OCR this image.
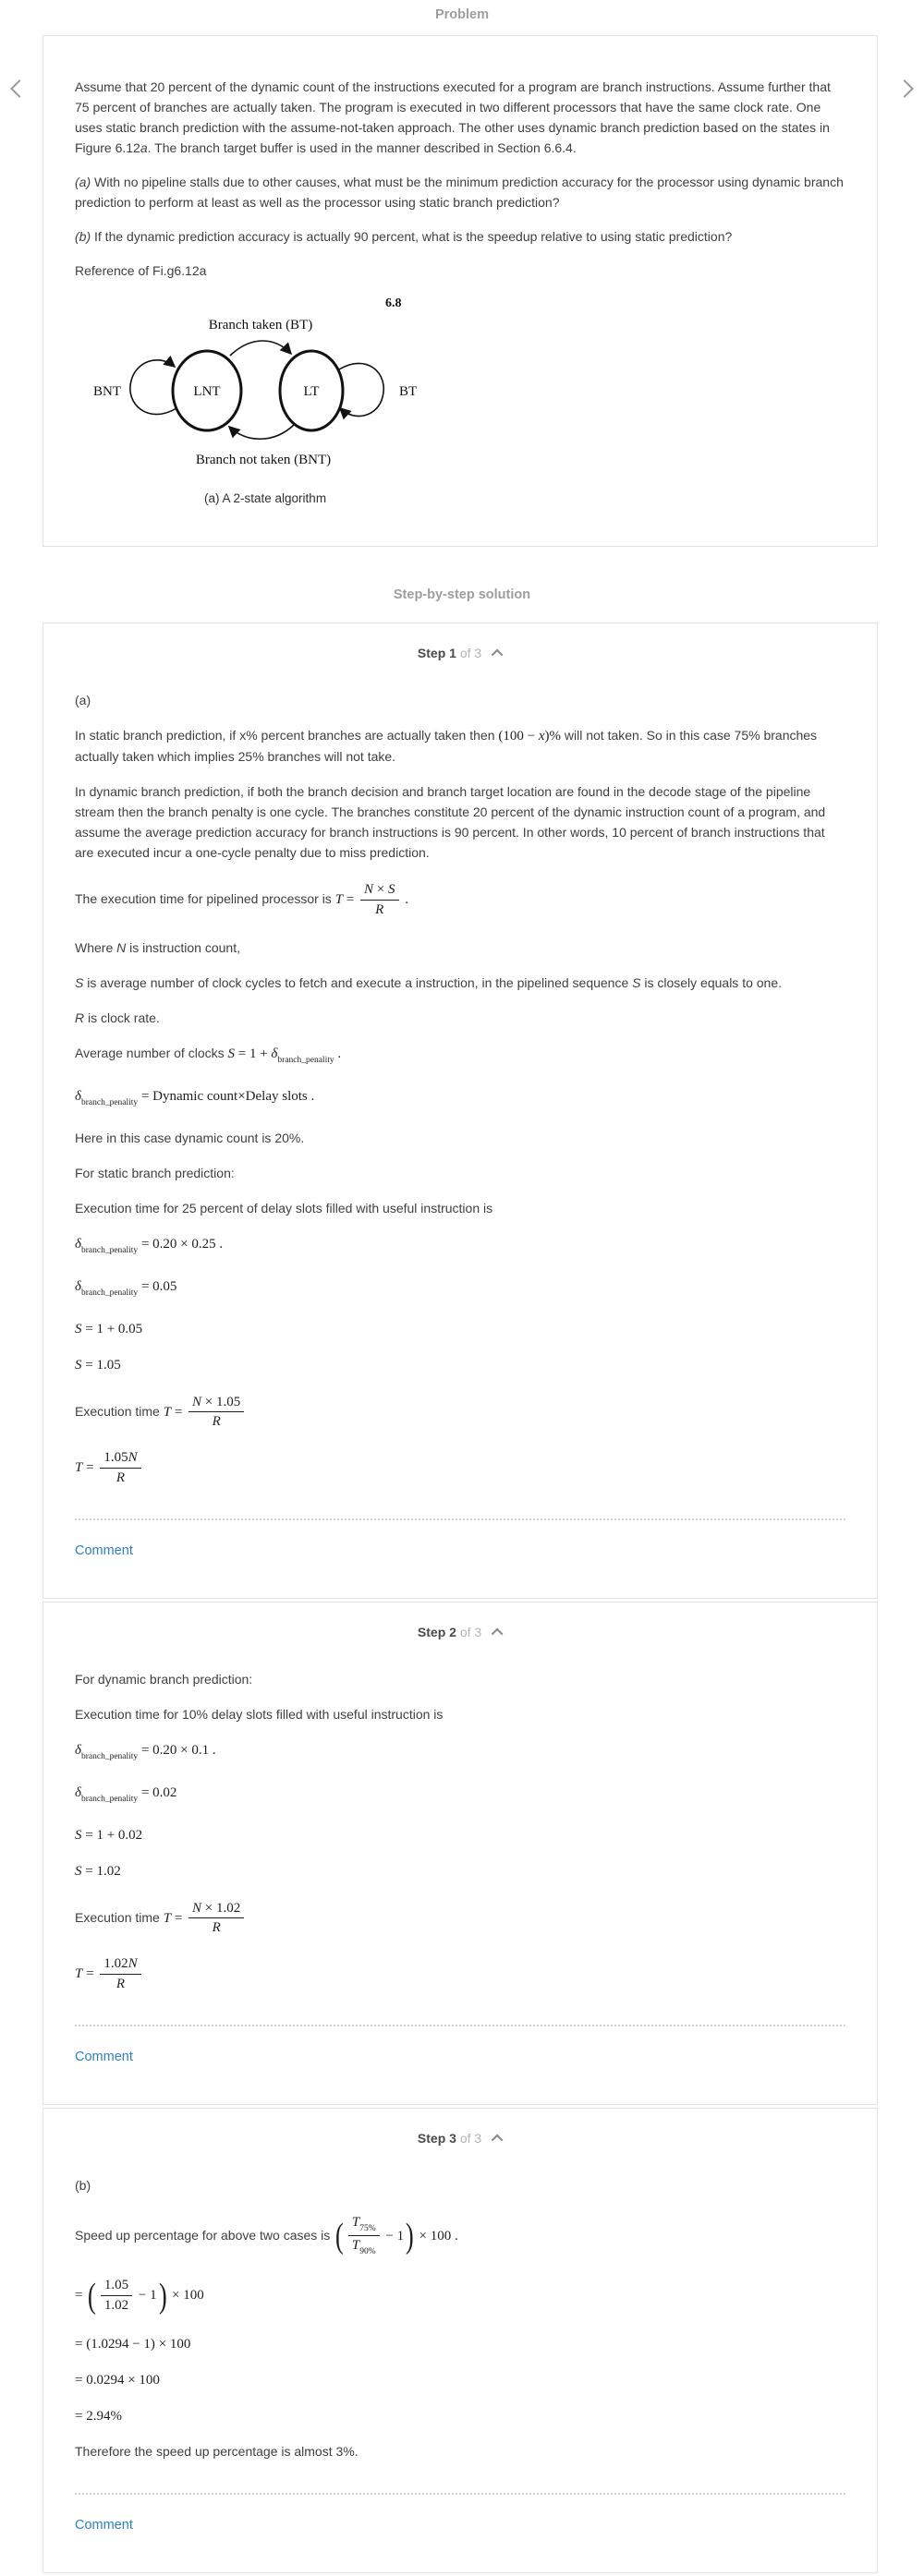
Problem

Assume that 20 percent of the dynamic count of the instructions executed for a program are branch instructions. Assume further that 75 percent of branches are actually taken. The program is executed in two different processors that have the same clock rate. One uses static branch prediction with the assume-not-taken approach. The other uses dynamic branch prediction based on the states in Figure 6.12a. The branch target buffer is used in the manner described in Section 6.6.4.

(a) With no pipeline stalls due to other causes, what must be the minimum prediction accuracy for the processor using dynamic branch prediction to perform at least as well as the processor using static branch prediction?

(b) If the dynamic prediction accuracy is actually 90 percent, what is the speedup relative to using static prediction?

Reference of Fi.g6.12a

6.8
LNT	LT
Branch taken (BT)
Branch not taken (BNT)
BNT	BT
(a) A 2-state algorithm
Step-by-step solution
Step 1 of 3
(a)
In static branch prediction, if x% percent branches are actually taken then (100 − x)% will not taken. So in this case 75% branches actually taken which implies 25% branches will not take.
In dynamic branch prediction, if both the branch decision and branch target location are found in the decode stage of the pipeline stream then the branch penalty is one cycle. The branches constitute 20 percent of the dynamic instruction count of a program, and assume the average prediction accuracy for branch instructions is 90 percent. In other words, 10 percent of branch instructions that are executed incur a one-cycle penalty due to miss prediction.
The execution time for pipelined processor is $T = \frac{N \times S}{R}$ .
Where N is instruction count,
S is average number of clock cycles to fetch and execute a instruction, in the pipelined sequence S is closely equals to one.
R is clock rate.
Average number of clocks $S = 1 + \delta_{branch\_penality}$ .
$\delta_{branch\_penality}$ = Dynamic count×Delay slots .
Here in this case dynamic count is 20%.
For static branch prediction:
Execution time for 25 percent of delay slots filled with useful instruction is
$\delta_{branch\_penality} = 0.20 \times 0.25$ .
$\delta_{branch\_penality} = 0.05$
S = 1 + 0.05
S = 1.05
Execution time $T = \frac{N \times 1.05}{R}$
$T = \frac{1.05N}{R}$
Comment
Step 2 of 3
For dynamic branch prediction:
Execution time for 10% delay slots filled with useful instruction is
$\delta_{branch\_penality} = 0.20 \times 0.1$ .
$\delta_{branch\_penality} = 0.02$
S = 1 + 0.02
S = 1.02
Execution time $T = \frac{N \times 1.02}{R}$
$T = \frac{1.02N}{R}$
Comment
Step 3 of 3
(b)
Speed up percentage for above two cases is ( $\frac{T_{75\%}}{T_{90\%}} - 1) \times 100$ .
= ( $\frac{1.05}{1.02} - 1) \times 100$
= (1.0294 − 1) × 100
= 0.0294 × 100
= 2.94%
Therefore the speed up percentage is almost 3%.
Comment
